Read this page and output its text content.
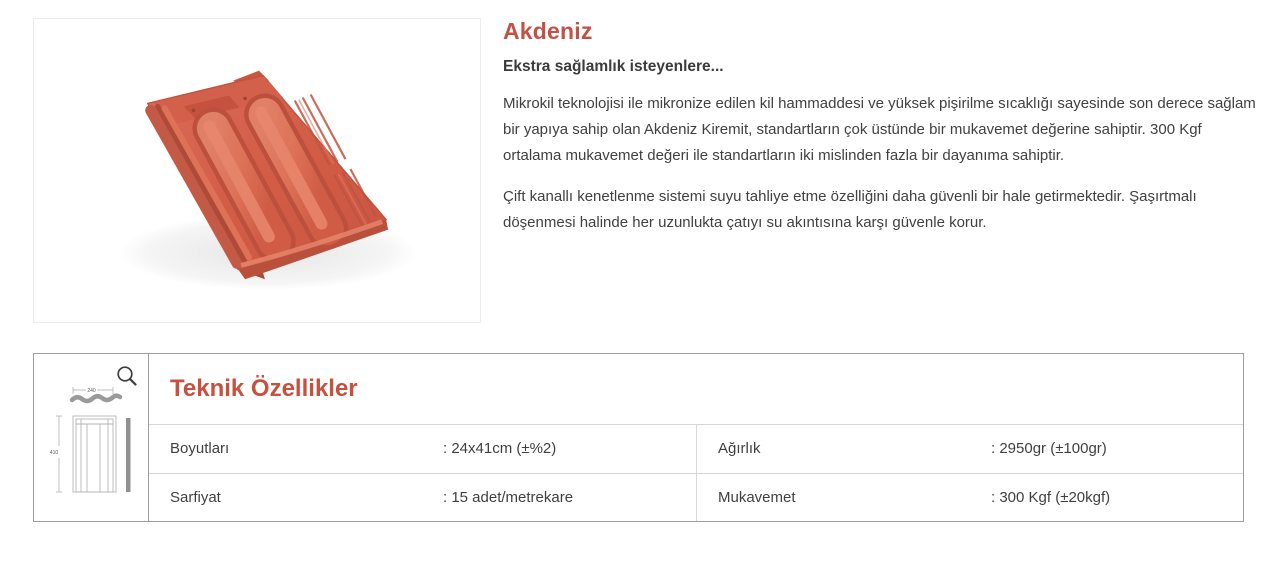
Akdeniz

Ekstra sağlamlık isteyenlere...

Mikrokil teknolojisi ile mikronize edilen kil hammaddesi ve yüksek pişirilme sıcaklığı sayesinde son derece sağlam bir yapıya sahip olan Akdeniz Kiremit, standartların çok üstünde bir mukavemet değerine sahiptir. 300 Kgf ortalama mukavemet değeri ile standartların iki mislinden fazla bir dayanıma sahiptir.

Çift kanallı kenetlenme sistemi suyu tahliye etme özelliğini daha güvenli bir hale getirmektedir. Şaşırtmalı döşenmesi halinde her uzunlukta çatıyı su akıntısına karşı güvenle korur.

240
410
Teknik Özellikler
Boyutları	: 24x41cm (±%2)	Ağırlık	: 2950gr (±100gr)
Sarfiyat	: 15 adet/metrekare	Mukavemet	: 300 Kgf (±20kgf)
